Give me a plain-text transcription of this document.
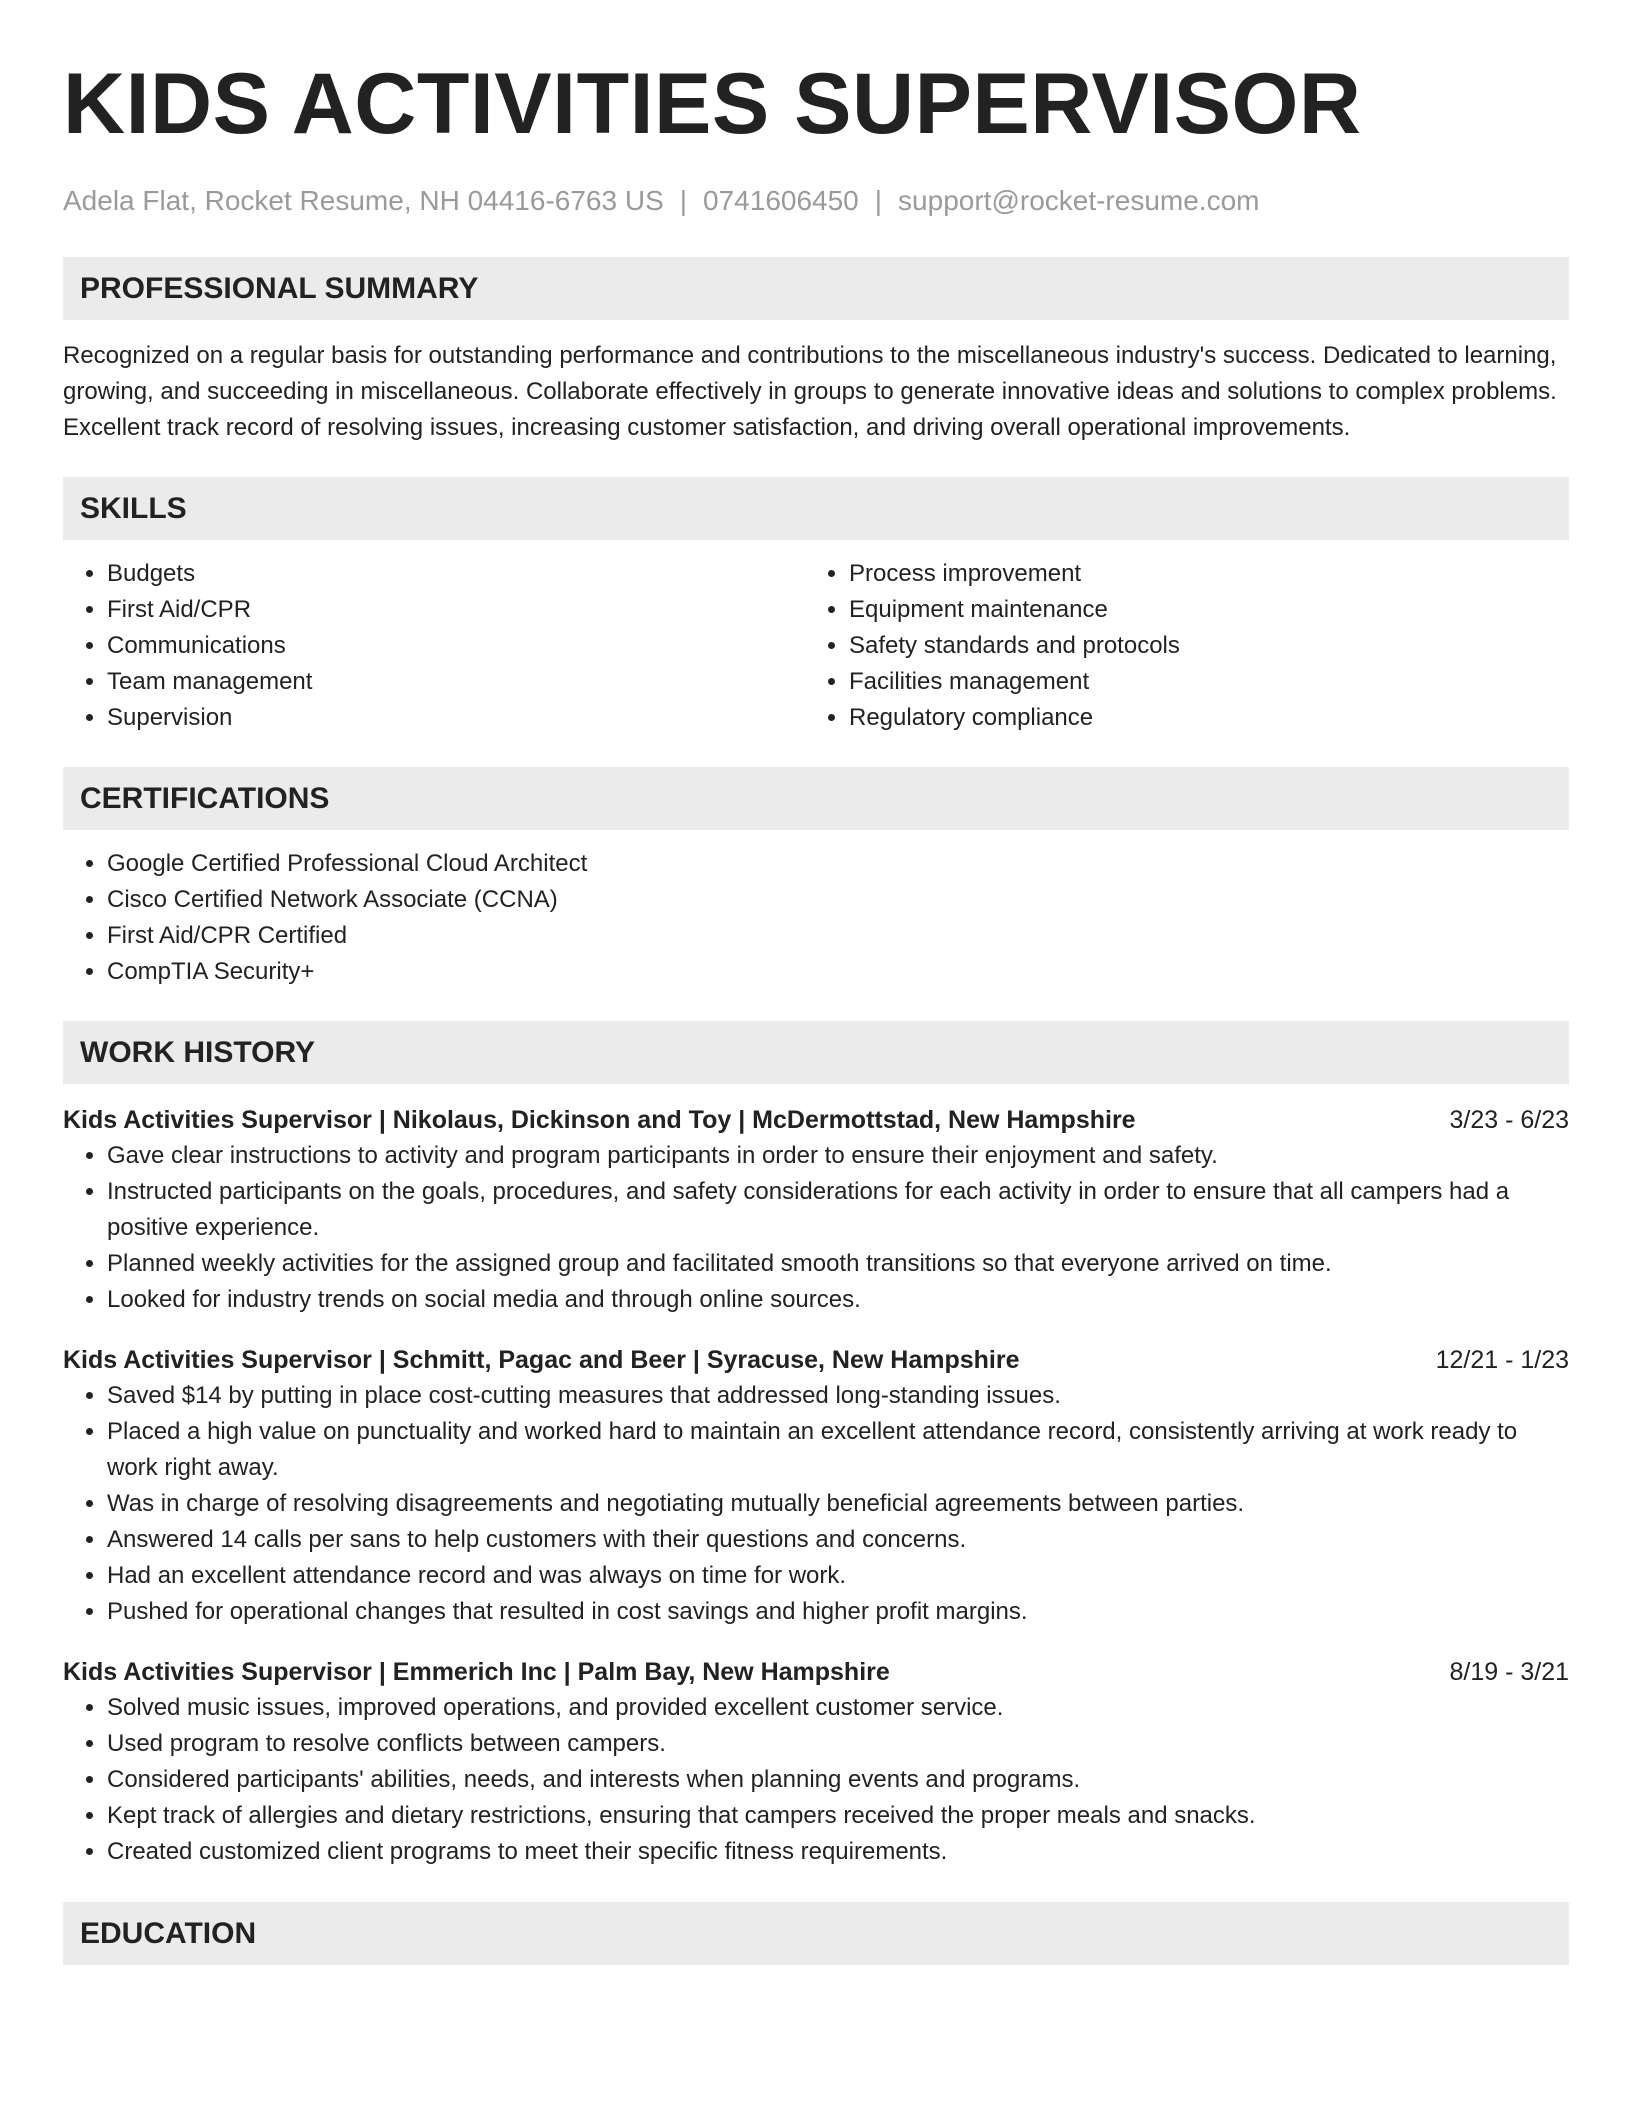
KIDS ACTIVITIES SUPERVISOR
Adela Flat, Rocket Resume, NH 04416-6763 US | 0741606450 | support@rocket-resume.com
PROFESSIONAL SUMMARY

Recognized on a regular basis for outstanding performance and contributions to the miscellaneous industry's success. Dedicated to learning, growing, and succeeding in miscellaneous. Collaborate effectively in groups to generate innovative ideas and solutions to complex problems. Excellent track record of resolving issues, increasing customer satisfaction, and driving overall operational improvements.

SKILLS
• Budgets
• First Aid/CPR
• Communications
• Team management
• Supervision
• Process improvement
• Equipment maintenance
• Safety standards and protocols
• Facilities management
• Regulatory compliance
CERTIFICATIONS
• Google Certified Professional Cloud Architect
• Cisco Certified Network Associate (CCNA)
• First Aid/CPR Certified
• CompTIA Security+
WORK HISTORY
Kids Activities Supervisor | Nikolaus, Dickinson and Toy | McDermottstad, New Hampshire	3/23 - 6/23
• Gave clear instructions to activity and program participants in order to ensure their enjoyment and safety.
• Instructed participants on the goals, procedures, and safety considerations for each activity in order to ensure that all campers had a positive experience.
• Planned weekly activities for the assigned group and facilitated smooth transitions so that everyone arrived on time.
• Looked for industry trends on social media and through online sources.
Kids Activities Supervisor | Schmitt, Pagac and Beer | Syracuse, New Hampshire	12/21 - 1/23
• Saved $14 by putting in place cost-cutting measures that addressed long-standing issues.
• Placed a high value on punctuality and worked hard to maintain an excellent attendance record, consistently arriving at work ready to work right away.
• Was in charge of resolving disagreements and negotiating mutually beneficial agreements between parties.
• Answered 14 calls per sans to help customers with their questions and concerns.
• Had an excellent attendance record and was always on time for work.
• Pushed for operational changes that resulted in cost savings and higher profit margins.
Kids Activities Supervisor | Emmerich Inc | Palm Bay, New Hampshire	8/19 - 3/21
• Solved music issues, improved operations, and provided excellent customer service.
• Used program to resolve conflicts between campers.
• Considered participants' abilities, needs, and interests when planning events and programs.
• Kept track of allergies and dietary restrictions, ensuring that campers received the proper meals and snacks.
• Created customized client programs to meet their specific fitness requirements.
EDUCATION
